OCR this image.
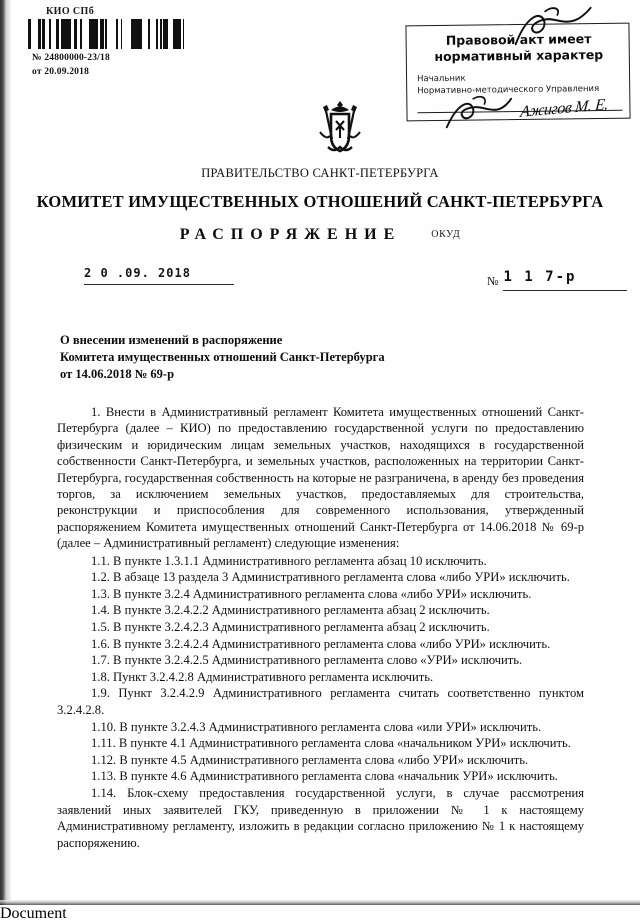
КИО СПб
№ 24800000-23/18
от 20.09.2018
Правовой акт имеет
нормативный характер
Начальник
Нормативно-методического Управления
Ажигов М. Е.
ПРАВИТЕЛЬСТВО САНКТ-ПЕТЕРБУРГА
КОМИТЕТ ИМУЩЕСТВЕННЫХ ОТНОШЕНИЙ САНКТ-ПЕТЕРБУРГА
РАСПОРЯЖЕНИЕ	ОКУД
2 0 .09. 2018
№ 1 1 7-р
О внесении изменений в распоряжение
Комитета имущественных отношений Санкт-Петербурга
от 14.06.2018 № 69-р

1. Внести в Административный регламент Комитета имущественных отношений Санкт-Петербурга (далее – КИО) по предоставлению государственной услуги по предоставлению физическим и юридическим лицам земельных участков, находящихся в государственной собственности Санкт-Петербурга, и земельных участков, расположенных на территории Санкт-Петербурга, государственная собственность на которые не разграничена, в аренду без проведения торгов, за исключением земельных участков, предоставляемых для строительства, реконструкции и приспособления для современного использования, утвержденный распоряжением Комитета имущественных отношений Санкт-Петербурга от 14.06.2018 № 69-р (далее – Административный регламент) следующие изменения:

1.1. В пункте 1.3.1.1 Административного регламента абзац 10 исключить.

1.2. В абзаце 13 раздела 3 Административного регламента слова «либо УРИ» исключить.

1.3. В пункте 3.2.4 Административного регламента слова «либо УРИ» исключить.

1.4. В пункте 3.2.4.2.2 Административного регламента абзац 2 исключить.

1.5. В пункте 3.2.4.2.3 Административного регламента абзац 2 исключить.

1.6. В пункте 3.2.4.2.4 Административного регламента слова «либо УРИ» исключить.

1.7. В пункте 3.2.4.2.5 Административного регламента слово «УРИ» исключить.

1.8. Пункт 3.2.4.2.8 Административного регламента исключить.

1.9. Пункт 3.2.4.2.9 Административного регламента считать соответственно пунктом 3.2.4.2.8.

1.10. В пункте 3.2.4.3 Административного регламента слова «или УРИ» исключить.

1.11. В пункте 4.1 Административного регламента слова «начальником УРИ» исключить.

1.12. В пункте 4.5 Административного регламента слова «либо УРИ» исключить.

1.13. В пункте 4.6 Административного регламента слова «начальник УРИ» исключить.

1.14. Блок-схему предоставления государственной услуги, в случае рассмотрения заявлений иных заявителей ГКУ, приведенную в приложении № 1 к настоящему Административному регламенту, изложить в редакции согласно приложению № 1 к настоящему распоряжению.

Document
